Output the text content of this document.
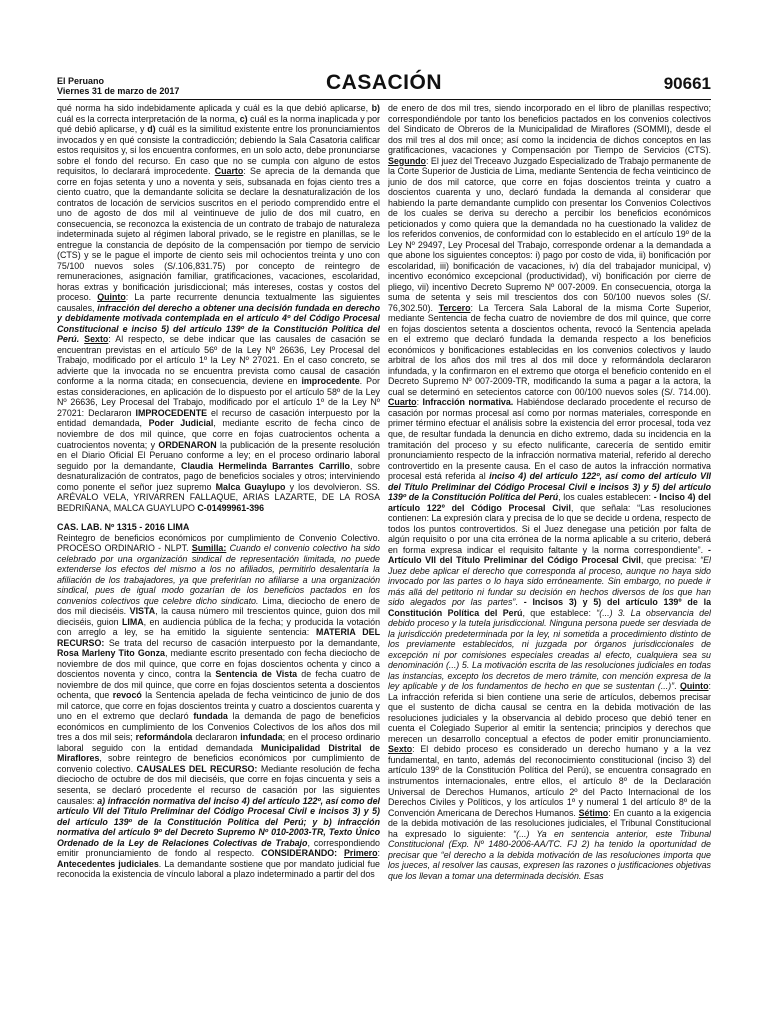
El Peruano
Viernes 31 de marzo de 2017	CASACIÓN	90661

qué norma ha sido indebidamente aplicada y cuál es la que debió aplicarse, b) cuál es la correcta interpretación de la norma, c) cuál es la norma inaplicada y por qué debió aplicarse, y d) cuál es la similitud existente entre los pronunciamientos invocados y en qué consiste la contradicción; debiendo la Sala Casatoria calificar estos requisitos y, si los encuentra conformes, en un solo acto, debe pronunciarse sobre el fondo del recurso. En caso que no se cumpla con alguno de estos requisitos, lo declarará improcedente. Cuarto: Se aprecia de la demanda que corre en fojas setenta y uno a noventa y seis, subsanada en fojas ciento tres a ciento cuatro, que la demandante solicita se declare la desnaturalización de los contratos de locación de servicios suscritos en el periodo comprendido entre el uno de agosto de dos mil al veintinueve de julio de dos mil cuatro, en consecuencia, se reconozca la existencia de un contrato de trabajo de naturaleza indeterminada sujeto al régimen laboral privado, se le registre en planillas, se le entregue la constancia de depósito de la compensación por tiempo de servicio (CTS) y se le pague el importe de ciento seis mil ochocientos treinta y uno con 75/100 nuevos soles (S/.106,831.75) por concepto de reintegro de remuneraciones, asignación familiar, gratificaciones, vacaciones, escolaridad, horas extras y bonificación jurisdiccional; más intereses, costas y costos del proceso. Quinto: La parte recurrente denuncia textualmente las siguientes causales, infracción del derecho a obtener una decisión fundada en derecho y debidamente motivada contemplada en el artículo 4º del Código Procesal Constitucional e inciso 5) del artículo 139º de la Constitución Política del Perú. Sexto: Al respecto, se debe indicar que las causales de casación se encuentran previstas en el artículo 56º de la Ley Nº 26636, Ley Procesal del Trabajo, modificado por el artículo 1º la Ley Nº 27021. En el caso concreto, se advierte que la invocada no se encuentra prevista como causal de casación conforme a la norma citada; en consecuencia, deviene en improcedente. Por estas consideraciones, en aplicación de lo dispuesto por el artículo 58º de la Ley Nº 26636, Ley Procesal del Trabajo, modificado por el artículo 1º de la Ley Nº 27021: Declararon IMPROCEDENTE el recurso de casación interpuesto por la entidad demandada, Poder Judicial, mediante escrito de fecha cinco de noviembre de dos mil quince, que corre en fojas cuatrocientos ochenta a cuatrocientos noventa; y ORDENARON la publicación de la presente resolución en el Diario Oficial El Peruano conforme a ley; en el proceso ordinario laboral seguido por la demandante, Claudia Hermelinda Barrantes Carrillo, sobre desnaturalización de contratos, pago de beneficios sociales y otros; interviniendo como ponente el señor juez supremo Malca Guaylupo y los devolvieron. SS. ARÉVALO VELA, YRIVARREN FALLAQUE, ARIAS LAZARTE, DE LA ROSA BEDRIÑANA, MALCA GUAYLUPO C-01499961-396

CAS. LAB. Nº 1315 - 2016 LIMA

Reintegro de beneficios económicos por cumplimiento de Convenio Colectivo. PROCESO ORDINARIO - NLPT. Sumilla: Cuando el convenio colectivo ha sido celebrado por una organización sindical de representación limitada, no puede extenderse los efectos del mismo a los no afiliados, permitirlo desalentaría la afiliación de los trabajadores, ya que preferirían no afiliarse a una organización sindical, pues de igual modo gozarían de los beneficios pactados en los convenios colectivos que celebre dicho sindicato. Lima, dieciocho de enero de dos mil dieciséis. VISTA, la causa número mil trescientos quince, guion dos mil dieciséis, guion LIMA, en audiencia pública de la fecha; y producida la votación con arreglo a ley, se ha emitido la siguiente sentencia: MATERIA DEL RECURSO: Se trata del recurso de casación interpuesto por la demandante, Rosa Marleny Tito Gonza, mediante escrito presentado con fecha dieciocho de noviembre de dos mil quince, que corre en fojas doscientos ochenta y cinco a doscientos noventa y cinco, contra la Sentencia de Vista de fecha cuatro de noviembre de dos mil quince, que corre en fojas doscientos setenta a doscientos ochenta, que revocó la Sentencia apelada de fecha veinticinco de junio de dos mil catorce, que corre en fojas doscientos treinta y cuatro a doscientos cuarenta y uno en el extremo que declaró fundada la demanda de pago de beneficios económicos en cumplimiento de los Convenios Colectivos de los años dos mil tres a dos mil seis; reformándola declararon infundada; en el proceso ordinario laboral seguido con la entidad demandada Municipalidad Distrital de Miraflores, sobre reintegro de beneficios económicos por cumplimiento de convenio colectivo. CAUSALES DEL RECURSO: Mediante resolución de fecha dieciocho de octubre de dos mil dieciséis, que corre en fojas cincuenta y seis a sesenta, se declaró procedente el recurso de casación por las siguientes causales: a) infracción normativa del inciso 4) del artículo 122º, así como del artículo VII del Título Preliminar del Código Procesal Civil e incisos 3) y 5) del artículo 139º de la Constitución Política del Perú; y b) infracción normativa del artículo 9º del Decreto Supremo Nº 010-2003-TR, Texto Único Ordenado de la Ley de Relaciones Colectivas de Trabajo, correspondiendo emitir pronunciamiento de fondo al respecto. CONSIDERANDO: Primero: Antecedentes judiciales. La demandante sostiene que por mandato judicial fue reconocida la existencia de vínculo laboral a plazo indeterminado a partir del dos

de enero de dos mil tres, siendo incorporado en el libro de planillas respectivo; correspondiéndole por tanto los beneficios pactados en los convenios colectivos del Sindicato de Obreros de la Municipalidad de Miraflores (SOMMI), desde el dos mil tres al dos mil once; así como la incidencia de dichos conceptos en las gratificaciones, vacaciones y Compensación por Tiempo de Servicios (CTS). Segundo: El juez del Treceavo Juzgado Especializado de Trabajo permanente de la Corte Superior de Justicia de Lima, mediante Sentencia de fecha veinticinco de junio de dos mil catorce, que corre en fojas doscientos treinta y cuatro a doscientos cuarenta y uno, declaró fundada la demanda al considerar que habiendo la parte demandante cumplido con presentar los Convenios Colectivos de los cuales se deriva su derecho a percibir los beneficios económicos peticionados y como quiera que la demandada no ha cuestionado la validez de los referidos convenios, de conformidad con lo establecido en el artículo 19º de la Ley Nº 29497, Ley Procesal del Trabajo, corresponde ordenar a la demandada a que abone los siguientes conceptos: i) pago por costo de vida, ii) bonificación por escolaridad, iii) bonificación de vacaciones, iv) día del trabajador municipal, v) incentivo económico excepcional (productividad), vi) bonificación por cierre de pliego, vii) incentivo Decreto Supremo Nº 007-2009. En consecuencia, otorga la suma de setenta y seis mil trescientos dos con 50/100 nuevos soles (S/. 76,302.50). Tercero: La Tercera Sala Laboral de la misma Corte Superior, mediante Sentencia de fecha cuatro de noviembre de dos mil quince, que corre en fojas doscientos setenta a doscientos ochenta, revocó la Sentencia apelada en el extremo que declaró fundada la demanda respecto a los beneficios económicos y bonificaciones establecidas en los convenios colectivos y laudo arbitral de los años dos mil tres al dos mil doce y reformándola declararon infundada, y la confirmaron en el extremo que otorga el beneficio contenido en el Decreto Supremo Nº 007-2009-TR, modificando la suma a pagar a la actora, la cual se determinó en setecientos catorce con 00/100 nuevos soles (S/. 714.00). Cuarto: Infracción normativa. Habiéndose declarado procedente el recurso de casación por normas procesal así como por normas materiales, corresponde en primer término efectuar el análisis sobre la existencia del error procesal, toda vez que, de resultar fundada la denuncia en dicho extremo, dada su incidencia en la tramitación del proceso y su efecto nulificante, carecería de sentido emitir pronunciamiento respecto de la infracción normativa material, referido al derecho controvertido en la presente causa. En el caso de autos la infracción normativa procesal está referida al inciso 4) del artículo 122º, así como del artículo VII del Título Preliminar del Código Procesal Civil e incisos 3) y 5) del artículo 139º de la Constitución Política del Perú, los cuales establecen: - Inciso 4) del artículo 122º del Código Procesal Civil, que señala: “Las resoluciones contienen: La expresión clara y precisa de lo que se decide u ordena, respecto de todos los puntos controvertidos. Si el Juez denegase una petición por falta de algún requisito o por una cita errónea de la norma aplicable a su criterio, deberá en forma expresa indicar el requisito faltante y la norma correspondiente”. - Artículo VII del Título Preliminar del Código Procesal Civil, que precisa: “El Juez debe aplicar el derecho que corresponda al proceso, aunque no haya sido invocado por las partes o lo haya sido erróneamente. Sin embargo, no puede ir más allá del petitorio ni fundar su decisión en hechos diversos de los que han sido alegados por las partes”. - Incisos 3) y 5) del artículo 139º de la Constitución Política del Perú, que establece: “(...) 3. La observancia del debido proceso y la tutela jurisdiccional. Ninguna persona puede ser desviada de la jurisdicción predeterminada por la ley, ni sometida a procedimiento distinto de los previamente establecidos, ni juzgada por órganos jurisdiccionales de excepción ni por comisiones especiales creadas al efecto, cualquiera sea su denominación (...) 5. La motivación escrita de las resoluciones judiciales en todas las instancias, excepto los decretos de mero trámite, con mención expresa de la ley aplicable y de los fundamentos de hecho en que se sustentan (...)”. Quinto: La infracción referida si bien contiene una serie de artículos, debemos precisar que el sustento de dicha causal se centra en la debida motivación de las resoluciones judiciales y la observancia al debido proceso que debió tener en cuenta el Colegiado Superior al emitir la sentencia; principios y derechos que merecen un desarrollo conceptual a efectos de poder emitir pronunciamiento. Sexto: El debido proceso es considerado un derecho humano y a la vez fundamental, en tanto, además del reconocimiento constitucional (inciso 3) del artículo 139º de la Constitución Política del Perú), se encuentra consagrado en instrumentos internacionales, entre ellos, el artículo 8º de la Declaración Universal de Derechos Humanos, artículo 2º del Pacto Internacional de los Derechos Civiles y Políticos, y los artículos 1º y numeral 1 del artículo 8º de la Convención Americana de Derechos Humanos. Sétimo: En cuanto a la exigencia de la debida motivación de las resoluciones judiciales, el Tribunal Constitucional ha expresado lo siguiente: “(...) Ya en sentencia anterior, este Tribunal Constitucional (Exp. Nº 1480-2006-AA/TC. FJ 2) ha tenido la oportunidad de precisar que “el derecho a la debida motivación de las resoluciones importa que los jueces, al resolver las causas, expresen las razones o justificaciones objetivas que los llevan a tomar una determinada decisión. Esas
